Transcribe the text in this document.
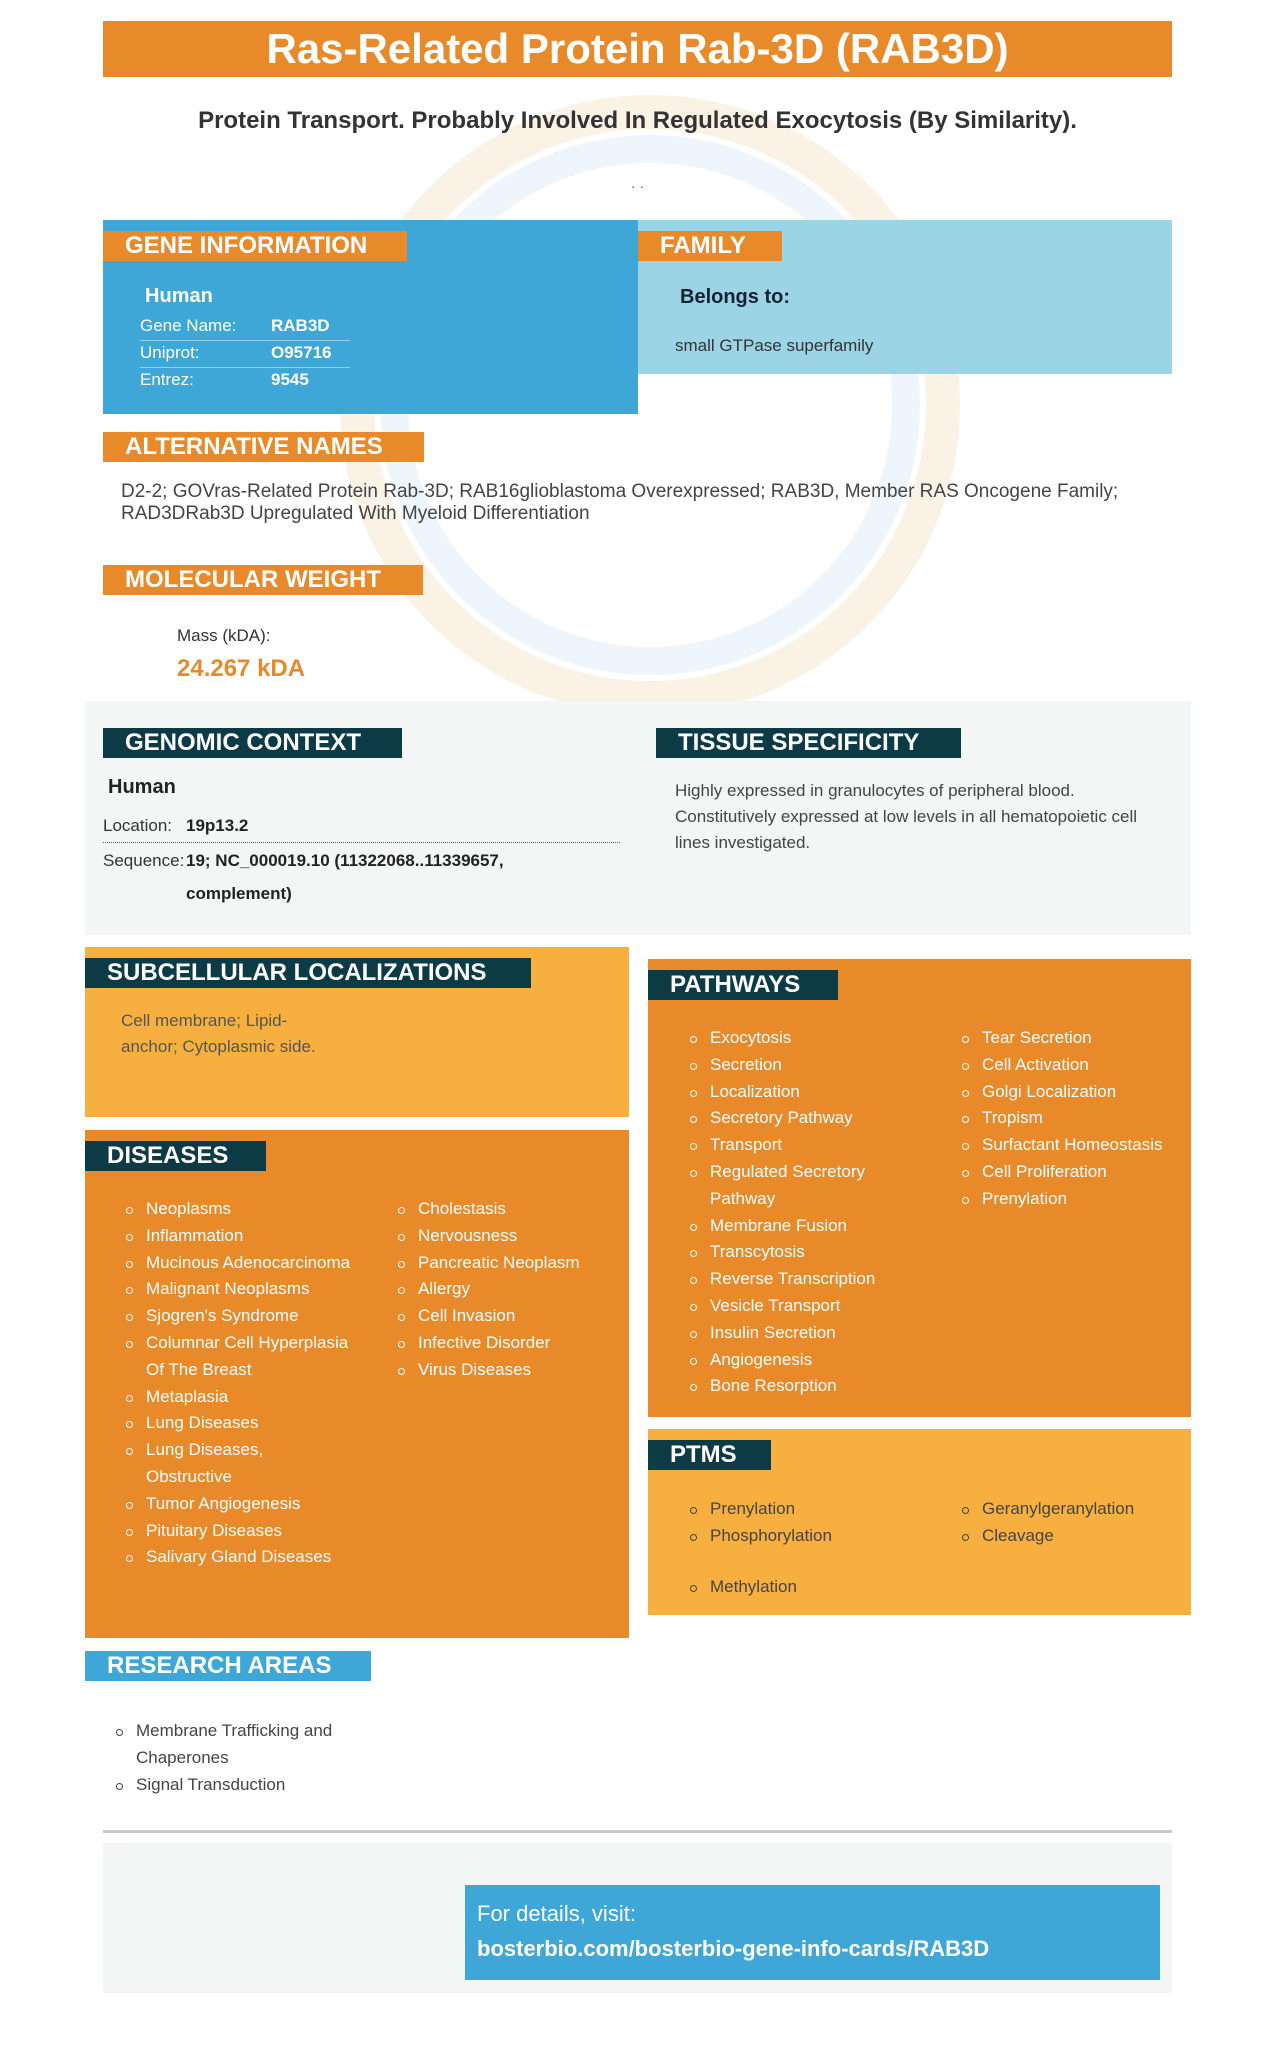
Ras-Related Protein Rab-3D (RAB3D)
Protein Transport. Probably Involved In Regulated Exocytosis (By Similarity).
· ·
GENE INFORMATION
Human
Gene Name: RAB3D
Uniprot:	O95716
Entrez:	9545
FAMILY
Belongs to:
small GTPase superfamily
ALTERNATIVE NAMES
D2-2; GOVras-Related Protein Rab-3D; RAB16glioblastoma Overexpressed; RAB3D, Member RAS Oncogene Family; RAD3DRab3D Upregulated With Myeloid Differentiation
MOLECULAR WEIGHT
Mass (kDA):
24.267 kDA
GENOMIC CONTEXT
Human
Location: 19p13.2
Sequence: 19; NC_000019.10 (11322068..11339657,
complement)
TISSUE SPECIFICITY
Highly expressed in granulocytes of peripheral blood. Constitutively expressed at low levels in all hematopoietic cell lines investigated.
SUBCELLULAR LOCALIZATIONS
Cell membrane; Lipid-
anchor; Cytoplasmic side.
DISEASES
Neoplasms
Inflammation
Mucinous Adenocarcinoma
Malignant Neoplasms
Sjogren's Syndrome
Columnar Cell Hyperplasia Of The Breast
Metaplasia
Lung Diseases
Lung Diseases, Obstructive
Tumor Angiogenesis
Pituitary Diseases
Salivary Gland Diseases
Cholestasis
Nervousness
Pancreatic Neoplasm
Allergy
Cell Invasion
Infective Disorder
Virus Diseases
PATHWAYS
Exocytosis
Secretion
Localization
Secretory Pathway
Transport
Regulated Secretory Pathway
Membrane Fusion
Transcytosis
Reverse Transcription
Vesicle Transport
Insulin Secretion
Angiogenesis
Bone Resorption
Tear Secretion
Cell Activation
Golgi Localization
Tropism
Surfactant Homeostasis
Cell Proliferation
Prenylation
PTMS
Prenylation
Phosphorylation
Methylation
Geranylgeranylation
Cleavage
RESEARCH AREAS
Membrane Trafficking and Chaperones
Signal Transduction
For details, visit:
bosterbio.com/bosterbio-gene-info-cards/RAB3D
